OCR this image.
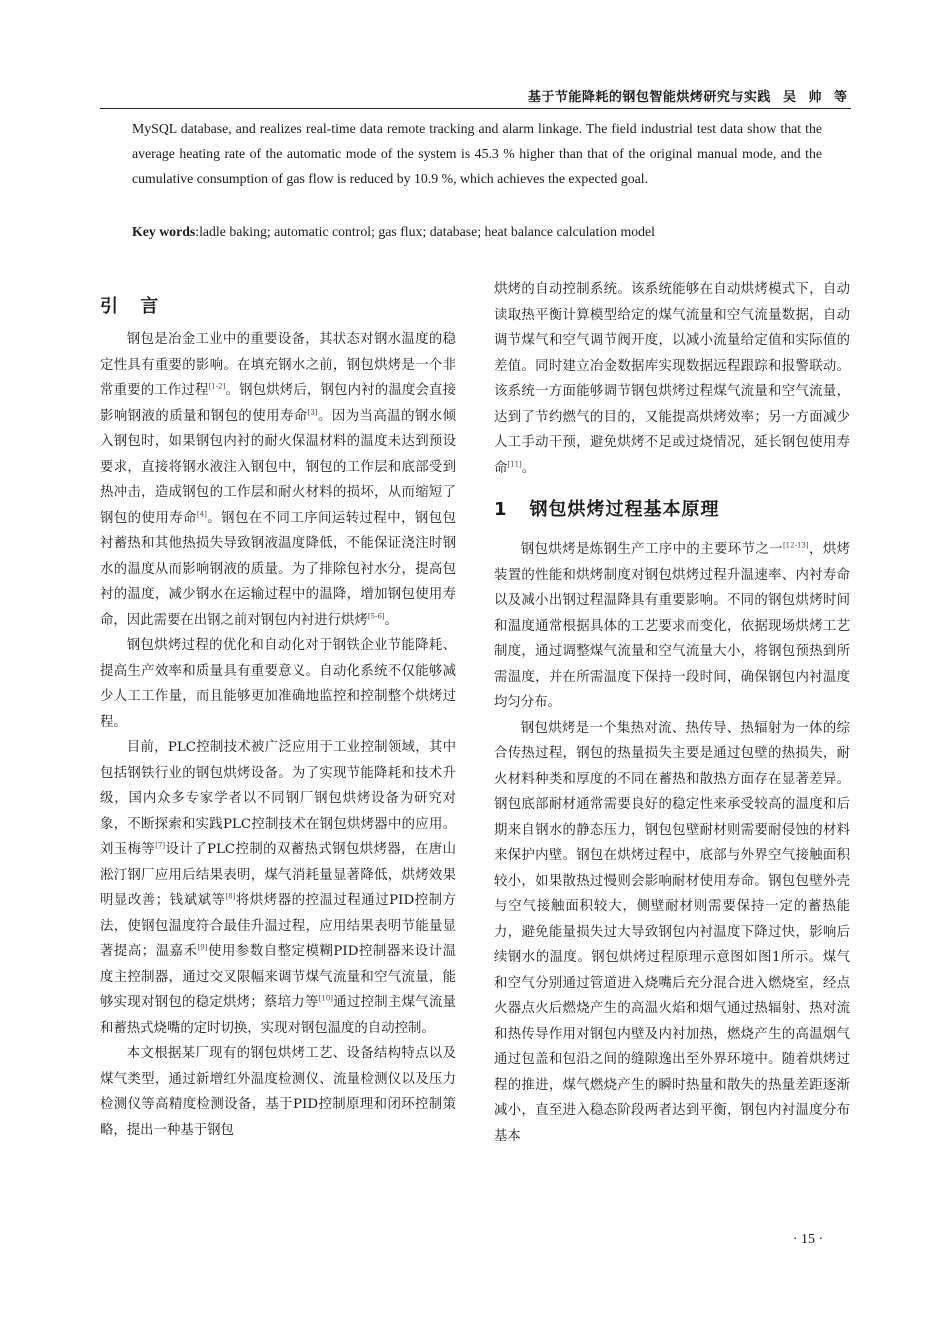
基于节能降耗的钢包智能烘烤研究与实践 吴 帅 等

MySQL database, and realizes real-time data remote tracking and alarm linkage. The field industrial test data show that the average heating rate of the automatic mode of the system is 45.3 % higher than that of the original manual mode, and the cumulative consumption of gas flow is reduced by 10.9 %, which achieves the expected goal.

Key words:ladle baking; automatic control; gas flux; database; heat balance calculation model
引 言

钢包是冶金工业中的重要设备，其状态对钢水温度的稳定性具有重要的影响。在填充钢水之前，钢包烘烤是一个非常重要的工作过程[1-2]。钢包烘烤后，钢包内衬的温度会直接影响钢液的质量和钢包的使用寿命[3]。因为当高温的钢水倾入钢包时，如果钢包内衬的耐火保温材料的温度未达到预设要求，直接将钢水液注入钢包中，钢包的工作层和底部受到热冲击，造成钢包的工作层和耐火材料的损坏，从而缩短了钢包的使用寿命[4]。钢包在不同工序间运转过程中，钢包包衬蓄热和其他热损失导致钢液温度降低，不能保证浇注时钢水的温度从而影响钢液的质量。为了排除包衬水分，提高包衬的温度，减少钢水在运输过程中的温降，增加钢包使用寿命，因此需要在出钢之前对钢包内衬进行烘烤[5-6]。

钢包烘烤过程的优化和自动化对于钢铁企业节能降耗、提高生产效率和质量具有重要意义。自动化系统不仅能够减少人工工作量，而且能够更加准确地监控和控制整个烘烤过程。

目前，PLC控制技术被广泛应用于工业控制领域，其中包括钢铁行业的钢包烘烤设备。为了实现节能降耗和技术升级，国内众多专家学者以不同钢厂钢包烘烤设备为研究对象，不断探索和实践PLC控制技术在钢包烘烤器中的应用。刘玉梅等[7]设计了PLC控制的双蓄热式钢包烘烤器，在唐山淞汀钢厂应用后结果表明，煤气消耗量显著降低，烘烤效果明显改善；钱斌斌等[8]将烘烤器的控温过程通过PID控制方法，使钢包温度符合最佳升温过程，应用结果表明节能量显著提高；温嘉禾[9]使用参数自整定模糊PID控制器来设计温度主控制器，通过交叉限幅来调节煤气流量和空气流量，能够实现对钢包的稳定烘烤；蔡培力等[10]通过控制主煤气流量和蓄热式烧嘴的定时切换，实现对钢包温度的自动控制。

本文根据某厂现有的钢包烘烤工艺、设备结构特点以及煤气类型，通过新增红外温度检测仪、流量检测仪以及压力检测仪等高精度检测设备，基于PID控制原理和闭环控制策略，提出一种基于钢包

烘烤的自动控制系统。该系统能够在自动烘烤模式下，自动读取热平衡计算模型给定的煤气流量和空气流量数据，自动调节煤气和空气调节阀开度，以减小流量给定值和实际值的差值。同时建立冶金数据库实现数据远程跟踪和报警联动。该系统一方面能够调节钢包烘烤过程煤气流量和空气流量，达到了节约燃气的目的，又能提高烘烤效率；另一方面减少人工手动干预，避免烘烤不足或过烧情况，延长钢包使用寿命[11]。

1 钢包烘烤过程基本原理

钢包烘烤是炼钢生产工序中的主要环节之一[12-13]，烘烤装置的性能和烘烤制度对钢包烘烤过程升温速率、内衬寿命以及减小出钢过程温降具有重要影响。不同的钢包烘烤时间和温度通常根据具体的工艺要求而变化，依据现场烘烤工艺制度，通过调整煤气流量和空气流量大小，将钢包预热到所需温度，并在所需温度下保持一段时间，确保钢包内衬温度均匀分布。

钢包烘烤是一个集热对流、热传导、热辐射为一体的综合传热过程，钢包的热量损失主要是通过包壁的热损失，耐火材料种类和厚度的不同在蓄热和散热方面存在显著差异。钢包底部耐材通常需要良好的稳定性来承受较高的温度和后期来自钢水的静态压力，钢包包壁耐材则需要耐侵蚀的材料来保护内壁。钢包在烘烤过程中，底部与外界空气接触面积较小，如果散热过慢则会影响耐材使用寿命。钢包包壁外壳与空气接触面积较大，侧壁耐材则需要保持一定的蓄热能力，避免能量损失过大导致钢包内衬温度下降过快，影响后续钢水的温度。钢包烘烤过程原理示意图如图1所示。煤气和空气分别通过管道进入烧嘴后充分混合进入燃烧室，经点火器点火后燃烧产生的高温火焰和烟气通过热辐射、热对流和热传导作用对钢包内壁及内衬加热，燃烧产生的高温烟气通过包盖和包沿之间的缝隙逸出至外界环境中。随着烘烤过程的推进，煤气燃烧产生的瞬时热量和散失的热量差距逐渐减小，直至进入稳态阶段两者达到平衡，钢包内衬温度分布基本

· 15 ·
